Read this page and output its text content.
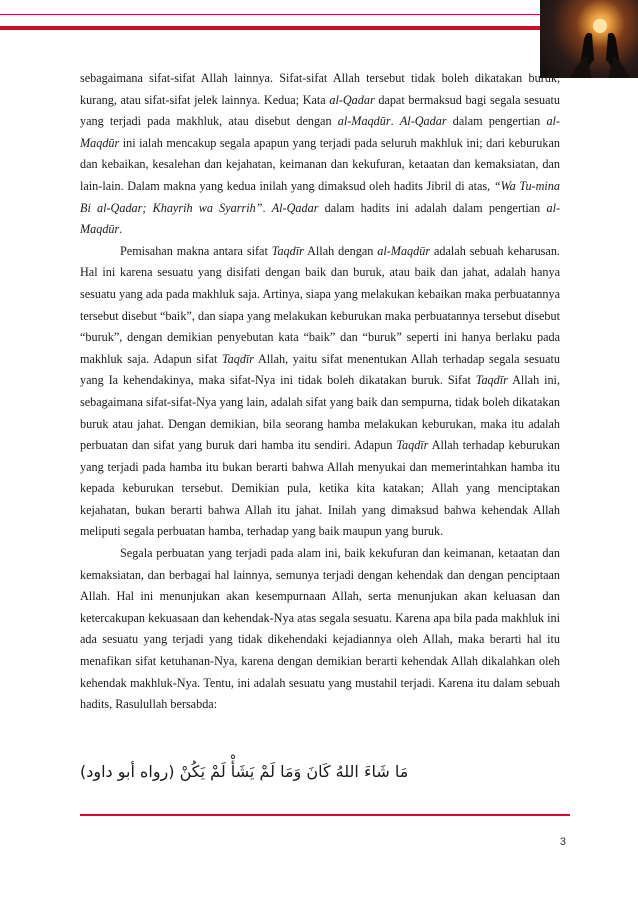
sebagaimana sifat-sifat Allah lainnya. Sifat-sifat Allah tersebut tidak boleh dikatakan buruk, kurang, atau sifat-sifat jelek lainnya. Kedua; Kata al-Qadar dapat bermaksud bagi segala sesuatu yang terjadi pada makhluk, atau disebut dengan al-Maqdūr. Al-Qadar dalam pengertian al-Maqdūr ini ialah mencakup segala apapun yang terjadi pada seluruh makhluk ini; dari keburukan dan kebaikan, kesalehan dan kejahatan, keimanan dan kekufuran, ketaatan dan kemaksiatan, dan lain-lain. Dalam makna yang kedua inilah yang dimaksud oleh hadits Jibril di atas, “Wa Tu-mina Bi al-Qadar; Khayrih wa Syarrih”. Al-Qadar dalam hadits ini adalah dalam pengertian al-Maqdūr.

Pemisahan makna antara sifat Taqdīr Allah dengan al-Maqdūr adalah sebuah keharusan. Hal ini karena sesuatu yang disifati dengan baik dan buruk, atau baik dan jahat, adalah hanya sesuatu yang ada pada makhluk saja. Artinya, siapa yang melakukan kebaikan maka perbuatannya tersebut disebut “baik”, dan siapa yang melakukan keburukan maka perbuatannya tersebut disebut “buruk”, dengan demikian penyebutan kata “baik” dan “buruk” seperti ini hanya berlaku pada makhluk saja. Adapun sifat Taqdīr Allah, yaitu sifat menentukan Allah terhadap segala sesuatu yang Ia kehendakinya, maka sifat-Nya ini tidak boleh dikatakan buruk. Sifat Taqdīr Allah ini, sebagaimana sifat-sifat-Nya yang lain, adalah sifat yang baik dan sempurna, tidak boleh dikatakan buruk atau jahat. Dengan demikian, bila seorang hamba melakukan keburukan, maka itu adalah perbuatan dan sifat yang buruk dari hamba itu sendiri. Adapun Taqdīr Allah terhadap keburukan yang terjadi pada hamba itu bukan berarti bahwa Allah menyukai dan memerintahkan hamba itu kepada keburukan tersebut. Demikian pula, ketika kita katakan; Allah yang menciptakan kejahatan, bukan berarti bahwa Allah itu jahat. Inilah yang dimaksud bahwa kehendak Allah meliputi segala perbuatan hamba, terhadap yang baik maupun yang buruk.

Segala perbuatan yang terjadi pada alam ini, baik kekufuran dan keimanan, ketaatan dan kemaksiatan, dan berbagai hal lainnya, semunya terjadi dengan kehendak dan dengan penciptaan Allah. Hal ini menunjukan akan kesempurnaan Allah, serta menunjukan akan keluasan dan ketercakupan kekuasaan dan kehendak-Nya atas segala sesuatu. Karena apa bila pada makhluk ini ada sesuatu yang terjadi yang tidak dikehendaki kejadiannya oleh Allah, maka berarti hal itu menafikan sifat ketuhanan-Nya, karena dengan demikian berarti kehendak Allah dikalahkan oleh kehendak makhluk-Nya. Tentu, ini adalah sesuatu yang mustahil terjadi. Karena itu dalam sebuah hadits, Rasulullah bersabda:

مَا شَاءَ اللهُ كَانَ وَمَا لَمْ يَشَأْ لَمْ يَكُنْ (رواه أبو داود)
3
